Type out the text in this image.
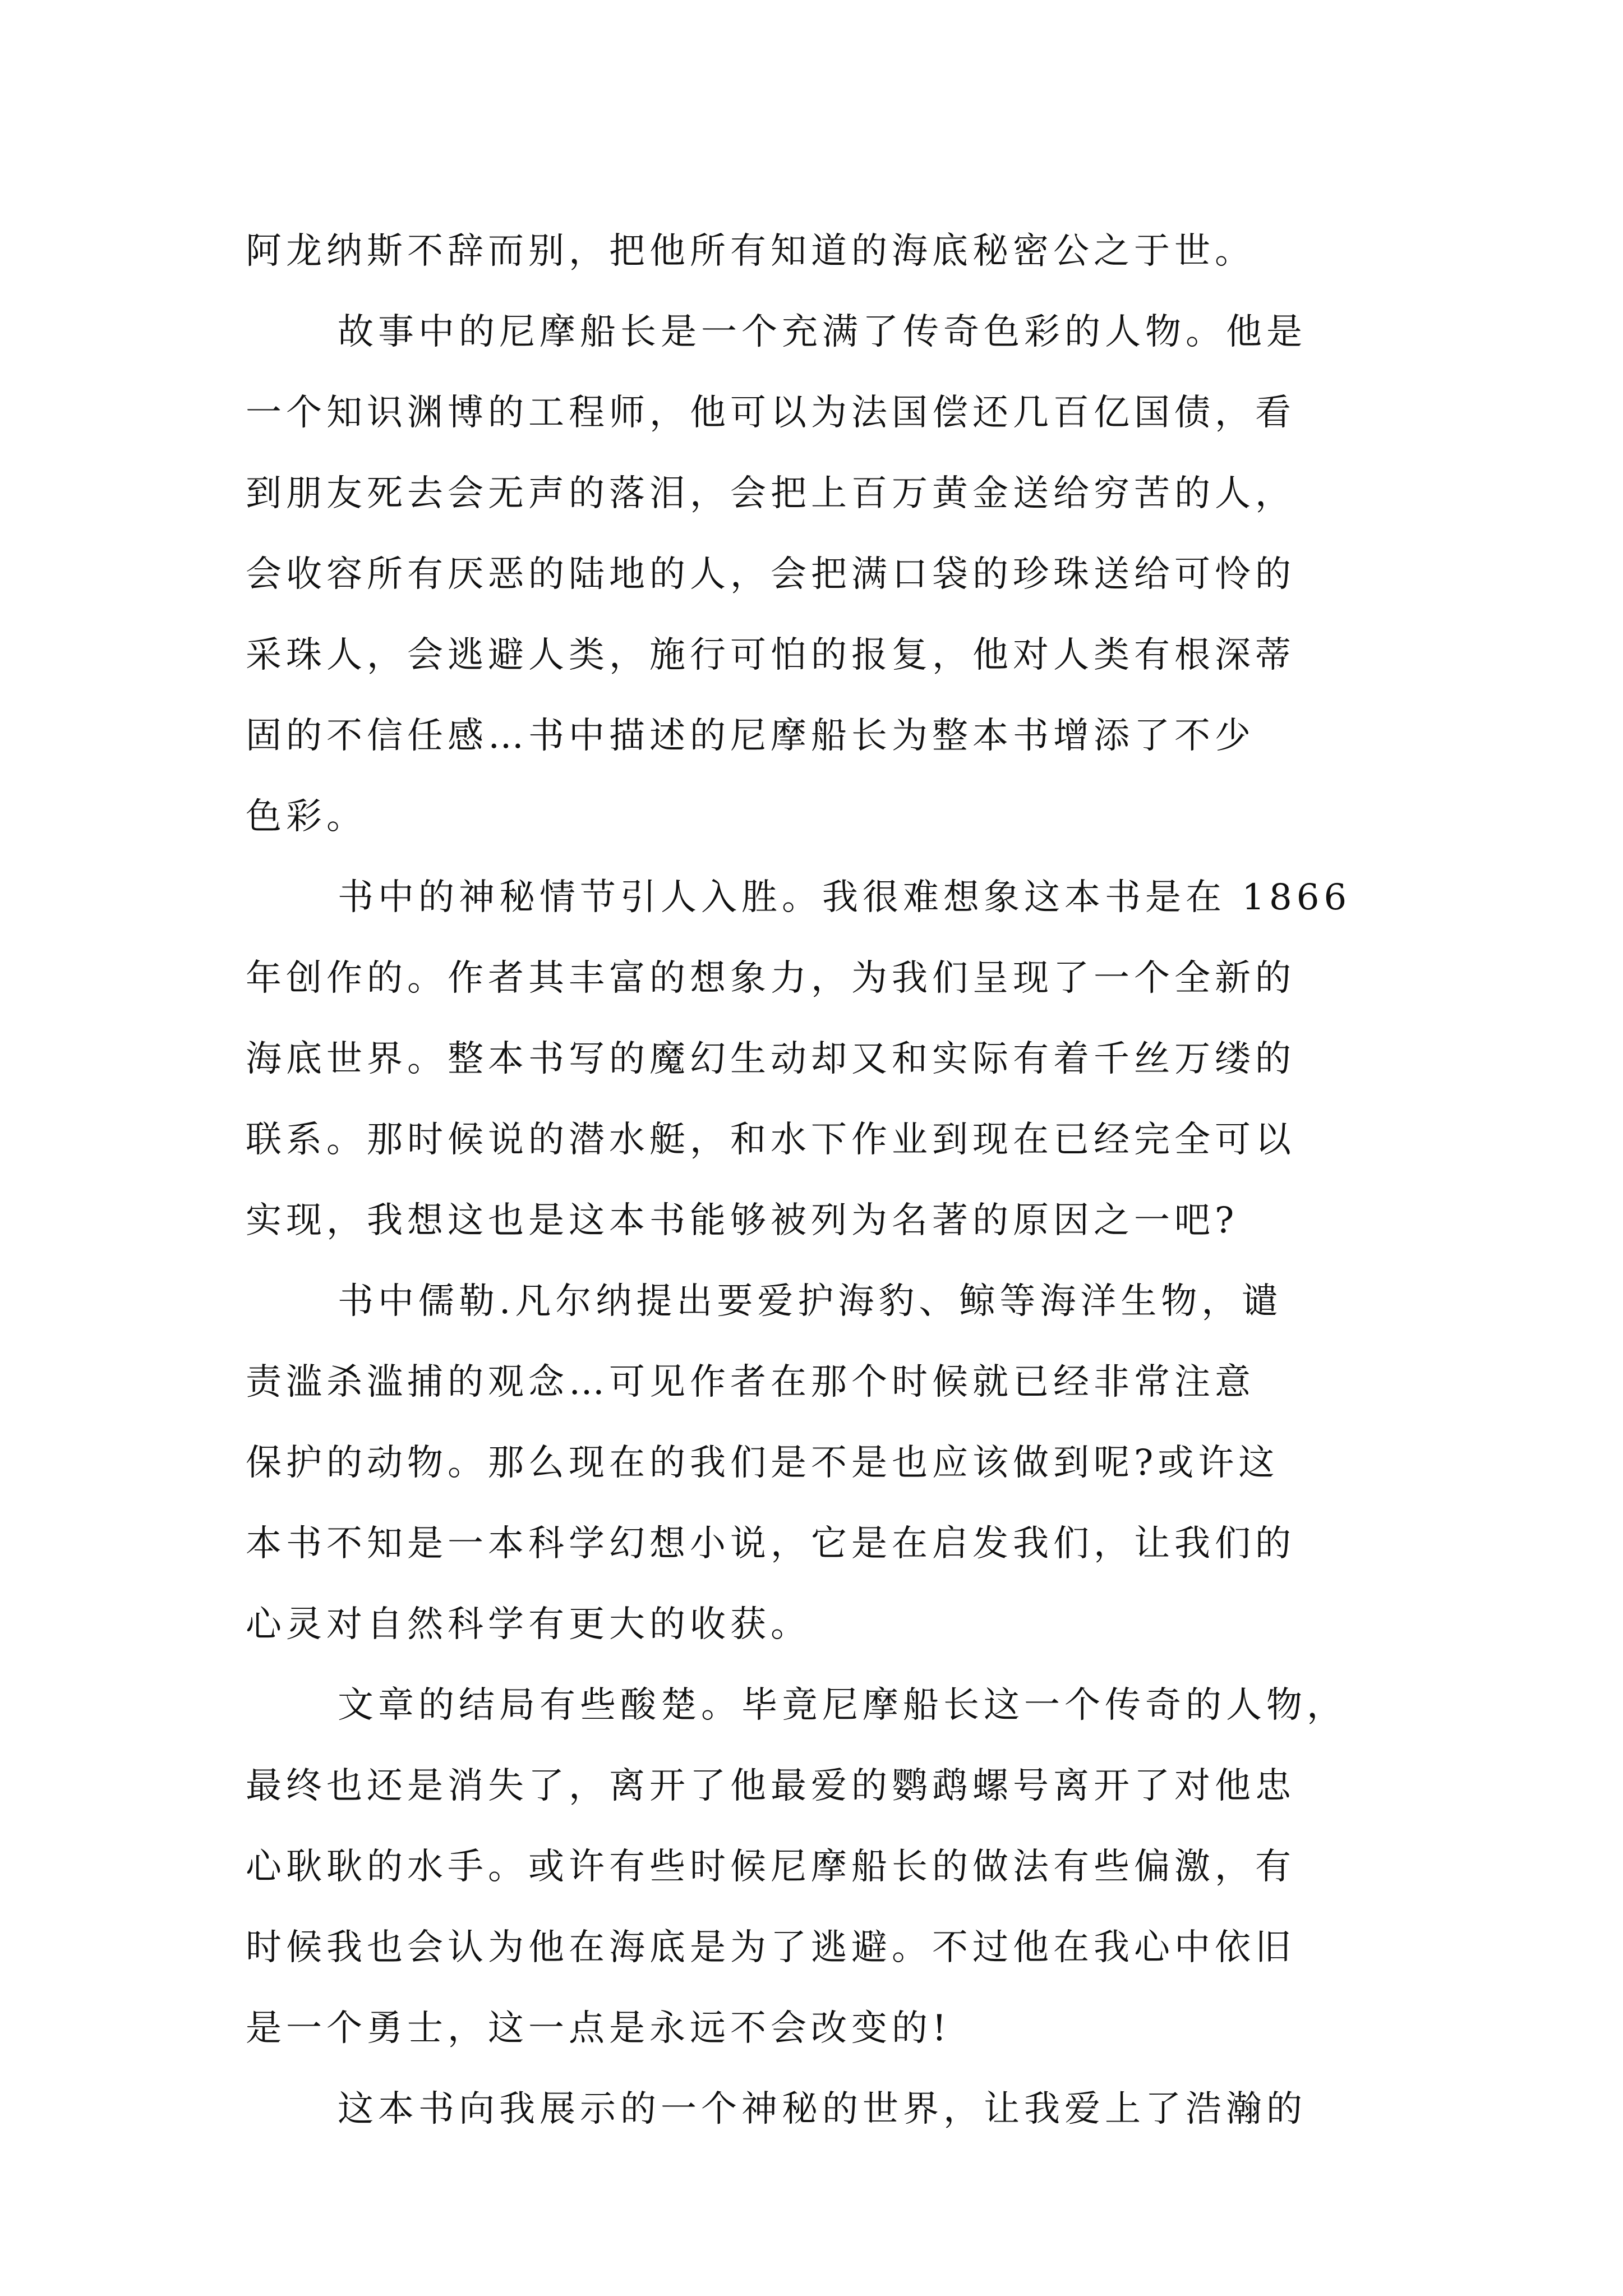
阿龙纳斯不辞而别，把他所有知道的海底秘密公之于世。
故事中的尼摩船长是一个充满了传奇色彩的人物。他是
一个知识渊博的工程师，他可以为法国偿还几百亿国债，看
到朋友死去会无声的落泪，会把上百万黄金送给穷苦的人，
会收容所有厌恶的陆地的人，会把满口袋的珍珠送给可怜的
采珠人，会逃避人类，施行可怕的报复，他对人类有根深蒂
固的不信任感…书中描述的尼摩船长为整本书增添了不少
色彩。
书中的神秘情节引人入胜。我很难想象这本书是在 1866
年创作的。作者其丰富的想象力，为我们呈现了一个全新的
海底世界。整本书写的魔幻生动却又和实际有着千丝万缕的
联系。那时候说的潜水艇，和水下作业到现在已经完全可以
实现，我想这也是这本书能够被列为名著的原因之一吧?
书中儒勒.凡尔纳提出要爱护海豹、鲸等海洋生物，谴
责滥杀滥捕的观念…可见作者在那个时候就已经非常注意
保护的动物。那么现在的我们是不是也应该做到呢?或许这
本书不知是一本科学幻想小说，它是在启发我们，让我们的
心灵对自然科学有更大的收获。
文章的结局有些酸楚。毕竟尼摩船长这一个传奇的人物，
最终也还是消失了，离开了他最爱的鹦鹉螺号离开了对他忠
心耿耿的水手。或许有些时候尼摩船长的做法有些偏激，有
时候我也会认为他在海底是为了逃避。不过他在我心中依旧
是一个勇士，这一点是永远不会改变的!
这本书向我展示的一个神秘的世界，让我爱上了浩瀚的
